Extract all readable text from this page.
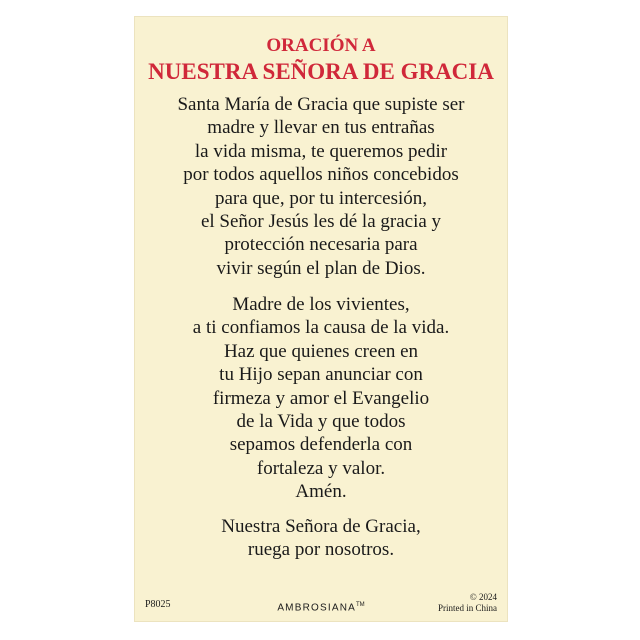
ORACIÓN A

NUESTRA SEÑORA DE GRACIA

Santa María de Gracia que supiste ser
madre y llevar en tus entrañas
la vida misma, te queremos pedir
por todos aquellos niños concebidos
para que, por tu intercesión,
el Señor Jesús les dé la gracia y
protección necesaria para
vivir según el plan de Dios.
Madre de los vivientes,
a ti confiamos la causa de la vida.
Haz que quienes creen en
tu Hijo sepan anunciar con
firmeza y amor el Evangelio
de la Vida y que todos
sepamos defenderla con
fortaleza y valor.
Amén.
Nuestra Señora de Gracia,
ruega por nosotros.
P8025	AMBROSIANA™
© 2024
Printed in China
